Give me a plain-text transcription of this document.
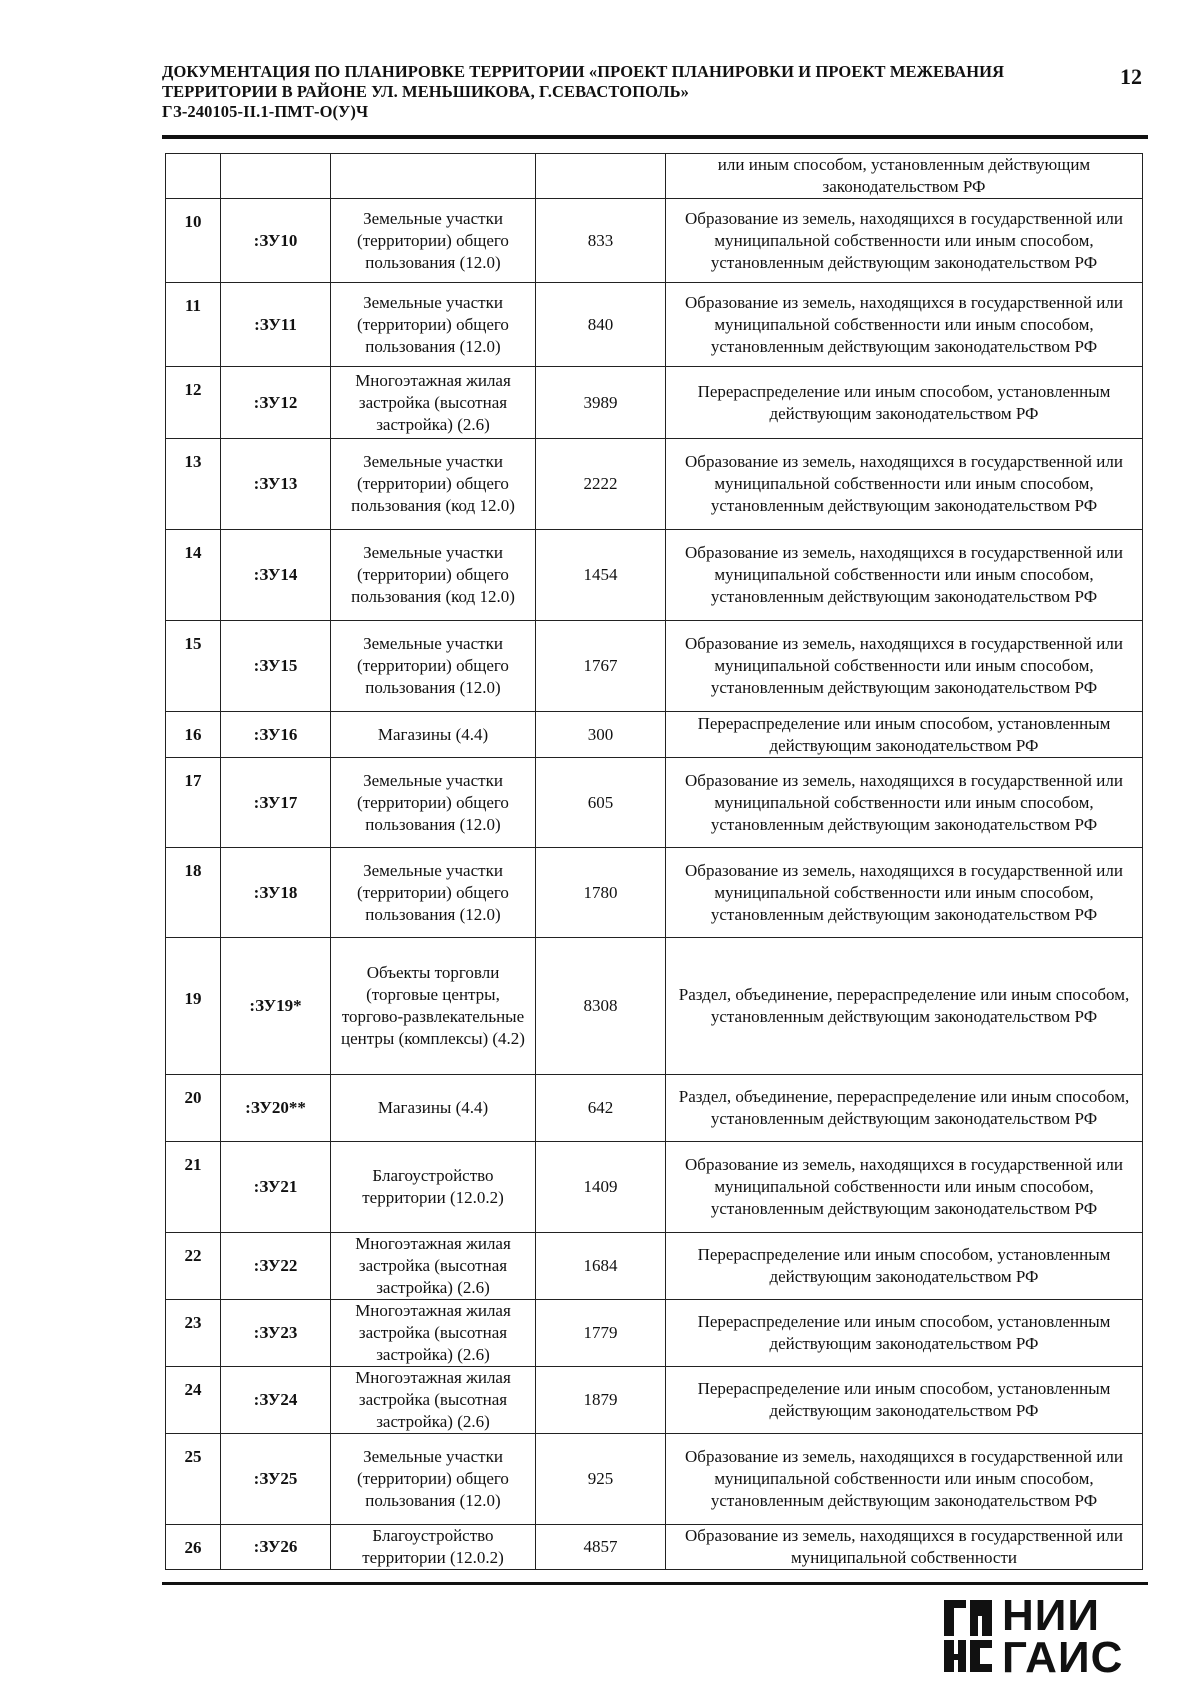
ДОКУМЕНТАЦИЯ ПО ПЛАНИРОВКЕ ТЕРРИТОРИИ «ПРОЕКТ ПЛАНИРОВКИ И ПРОЕКТ МЕЖЕВАНИЯ
ТЕРРИТОРИИ В РАЙОНЕ УЛ. МЕНЬШИКОВА, Г.СЕВАСТОПОЛЬ»
ГЗ-240105-II.1-ПМТ-О(У)Ч
12
				или иным способом, установленным действующим законодательством РФ
10	:ЗУ10	Земельные участки (территории) общего пользования (12.0)	833	Образование из земель, находящихся в государственной или муниципальной собственности или иным способом, установленным действующим законодательством РФ
11	:ЗУ11	Земельные участки (территории) общего пользования (12.0)	840	Образование из земель, находящихся в государственной или муниципальной собственности или иным способом, установленным действующим законодательством РФ
12	:ЗУ12	Многоэтажная жилая застройка (высотная застройка) (2.6)	3989	Перераспределение или иным способом, установленным действующим законодательством РФ
13	:ЗУ13	Земельные участки (территории) общего пользования (код 12.0)	2222	Образование из земель, находящихся в государственной или муниципальной собственности или иным способом, установленным действующим законодательством РФ
14	:ЗУ14	Земельные участки (территории) общего пользования (код 12.0)	1454	Образование из земель, находящихся в государственной или муниципальной собственности или иным способом, установленным действующим законодательством РФ
15	:ЗУ15	Земельные участки (территории) общего пользования (12.0)	1767	Образование из земель, находящихся в государственной или муниципальной собственности или иным способом, установленным действующим законодательством РФ
16	:ЗУ16	Магазины (4.4)	300	Перераспределение или иным способом, установленным действующим законодательством РФ
17	:ЗУ17	Земельные участки (территории) общего пользования (12.0)	605	Образование из земель, находящихся в государственной или муниципальной собственности или иным способом, установленным действующим законодательством РФ
18	:ЗУ18	Земельные участки (территории) общего пользования (12.0)	1780	Образование из земель, находящихся в государственной или муниципальной собственности или иным способом, установленным действующим законодательством РФ
19	:ЗУ19*	Объекты торговли (торговые центры, торгово-развлекательные центры (комплексы) (4.2)	8308	Раздел, объединение, перераспределение или иным способом, установленным действующим законодательством РФ
20	:ЗУ20**	Магазины (4.4)	642	Раздел, объединение, перераспределение или иным способом, установленным действующим законодательством РФ
21	:ЗУ21	Благоустройство территории (12.0.2)	1409	Образование из земель, находящихся в государственной или муниципальной собственности или иным способом, установленным действующим законодательством РФ
22	:ЗУ22	Многоэтажная жилая застройка (высотная застройка) (2.6)	1684	Перераспределение или иным способом, установленным действующим законодательством РФ
23	:ЗУ23	Многоэтажная жилая застройка (высотная застройка) (2.6)	1779	Перераспределение или иным способом, установленным действующим законодательством РФ
24	:ЗУ24	Многоэтажная жилая застройка (высотная застройка) (2.6)	1879	Перераспределение или иным способом, установленным действующим законодательством РФ
25	:ЗУ25	Земельные участки (территории) общего пользования (12.0)	925	Образование из земель, находящихся в государственной или муниципальной собственности или иным способом, установленным действующим законодательством РФ
26	:ЗУ26	Благоустройство территории (12.0.2)	4857	Образование из земель, находящихся в государственной или муниципальной собственности
НИИ
ГАИС
